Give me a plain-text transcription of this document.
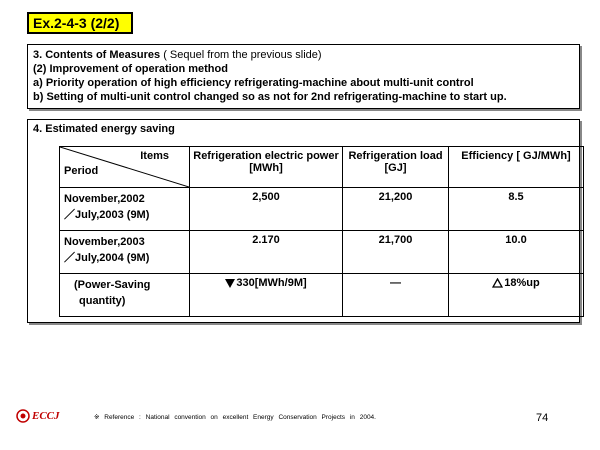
Ex.2-4-3 (2/2)
3. Contents of Measures ( Sequel from the previous slide)
(2) Improvement of operation method
a) Priority operation of high efficiency refrigerating-machine about multi-unit control
b) Setting of multi-unit control changed so as not for 2nd refrigerating-machine to start up.
4. Estimated energy saving
Items
Period	Refrigeration electric power [MWh]	Refrigeration load [GJ]	Efficiency [ GJ/MWh]

November,2002
／July,2003 (9M)	2,500	21,200	8.5

November,2003
／July,2004 (9M)	2.170	21,700	10.0

(Power-Saving
quantity)	330[MWh/9M]	―	18%up
ECCJ	※ Reference : National convention on excellent Energy Conservation Projects in 2004.	74
